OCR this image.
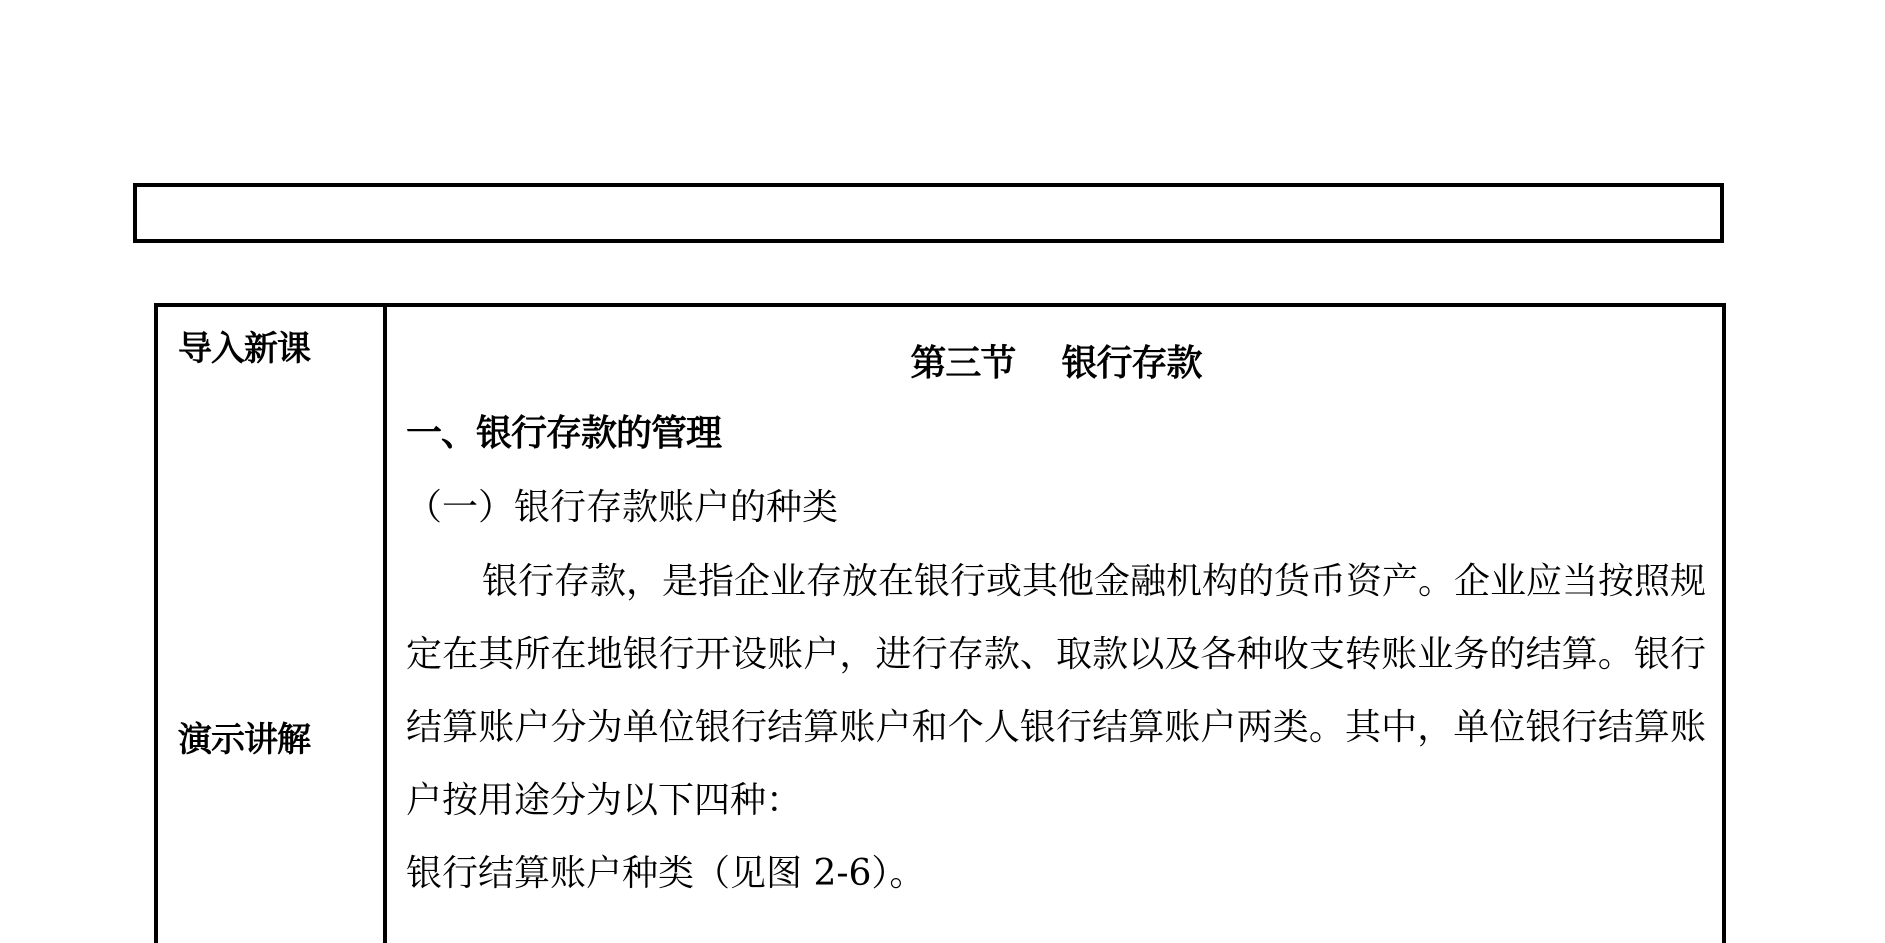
导入新课
演示讲解
第三节    银行存款
一、银行存款的管理
（一）银行存款账户的种类
银行存款，是指企业存放在银行或其他金融机构的货币资产。企业应当按照规定在其所在地银行开设账户，进行存款、取款以及各种收支转账业务的结算。银行结算账户分为单位银行结算账户和个人银行结算账户两类。其中，单位银行结算账户按用途分为以下四种：
银行结算账户种类（见图 2-6）。
